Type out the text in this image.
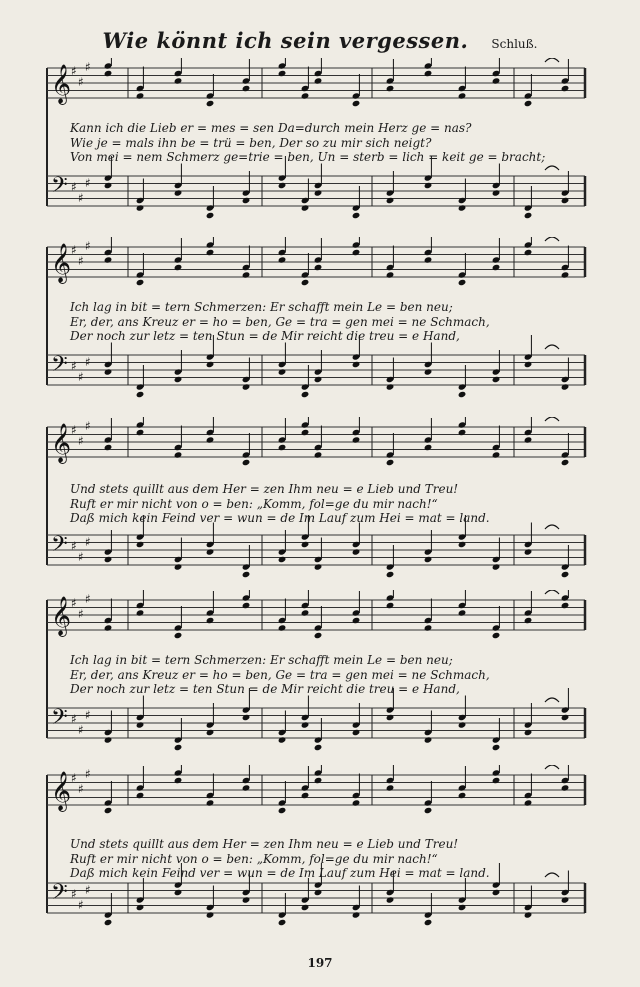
Wie könnt ich sein vergessen. Schluß.
𝄞 ♯
♯
♯
𝄢 ♯
♯
♯
𝄞 ♯
♯
♯
𝄢 ♯
♯
♯
𝄞 ♯
♯
♯
𝄢 ♯
♯
♯
𝄞 ♯
♯
♯
𝄢 ♯
♯
♯
𝄞 ♯
♯
♯
𝄢 ♯
♯
♯
Kann ich die Lieb er = mes = sen Da=durch mein Herz ge = nas?
Wie je = mals ihn be = trü = ben, Der so zu mir sich neigt?
Von mei = nem Schmerz ge=trie = ben, Un = sterb = lich = keit ge = bracht;
Ich lag in bit = tern Schmerzen: Er schafft mein Le = ben neu;
Er, der, ans Kreuz er = ho = ben, Ge = tra = gen mei = ne Schmach,
Der noch zur letz = ten Stun = de Mir reicht die treu = e Hand,
Und stets quillt aus dem Her = zen Ihm neu = e Lieb und Treu!
Ruft er mir nicht von o = ben: „Komm, fol=ge du mir nach!“
Daß mich kein Feind ver = wun = de Im Lauf zum Hei = mat = land.
Ich lag in bit = tern Schmerzen: Er schafft mein Le = ben neu;
Er, der, ans Kreuz er = ho = ben, Ge = tra = gen mei = ne Schmach,
Der noch zur letz = ten Stun = de Mir reicht die treu = e Hand,
Und stets quillt aus dem Her = zen Ihm neu = e Lieb und Treu!
Ruft er mir nicht von o = ben: „Komm, fol=ge du mir nach!“
Daß mich kein Feind ver = wun = de Im Lauf zum Hei = mat = land.
197
